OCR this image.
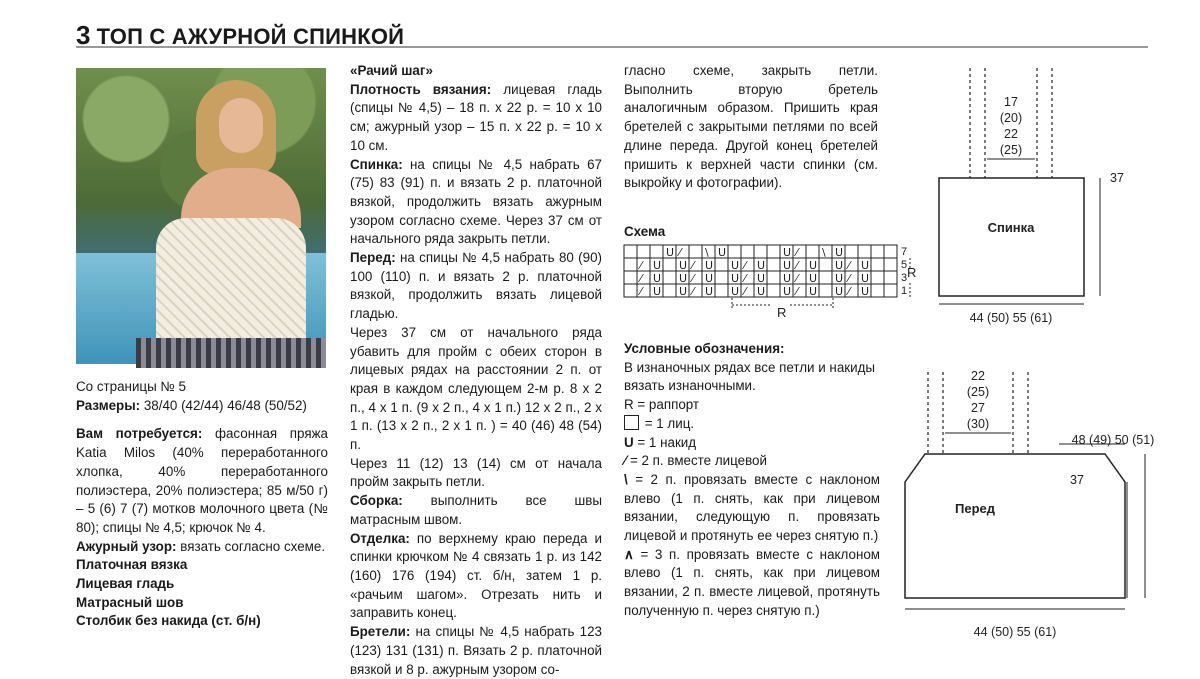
3 ТОП С АЖУРНОЙ СПИНКОЙ

Со страницы № 5

Размеры: 38/40 (42/44) 46/48 (50/52)

Вам потребуется: фасонная пряжа Katia Milos (40% переработанного хлопка, 40% переработанного полиэстера, 20% полиэстера; 85 м/50 г) – 5 (6) 7 (7) мотков молочного цвета (№ 80); спицы № 4,5; крючок № 4.

Ажурный узор: вязать согласно схеме.

Платочная вязка

Лицевая гладь

Матрасный шов

Столбик без накида (ст. б/н)

«Рачий шаг»

Плотность вязания: лицевая гладь (спицы № 4,5) – 18 п. х 22 р. = 10 х 10 см; ажурный узор – 15 п. х 22 р. = 10 х 10 см.

Спинка: на спицы № 4,5 набрать 67 (75) 83 (91) п. и вязать 2 р. платочной вязкой, продолжить вязать ажурным узором согласно схеме. Через 37 см от начального ряда закрыть петли.

Перед: на спицы № 4,5 набрать 80 (90) 100 (110) п. и вязать 2 р. платочной вязкой, продолжить вязать лицевой гладью.

Через 37 см от начального ряда убавить для пройм с обеих сторон в лицевых рядах на расстоянии 2 п. от края в каждом следующем 2-м р. 8 х 2 п., 4 х 1 п. (9 х 2 п., 4 х 1 п.) 12 х 2 п., 2 х 1 п. (13 х 2 п., 2 х 1 п. ) = 40 (46) 48 (54) п.

Через 11 (12) 13 (14) см от начала пройм закрыть петли.

Сборка: выполнить все швы матрасным швом.

Отделка: по верхнему краю переда и спинки крючком № 4 связать 1 р. из 142 (160) 176 (194) ст. б/н, затем 1 р. «рачьим шагом». Отрезать нить и заправить конец.

Бретели: на спицы № 4,5 набрать 123 (123) 131 (131) п. Вязать 2 р. платочной вязкой и 8 р. ажурным узором со-

гласно схеме, закрыть петли. Выполнить вторую бретель аналогичным образом. Пришить края бретелей с закрытыми петлями по всей длине переда. Другой конец бретелей пришить к верхней части спинки (см. выкройку и фотографии).
Схема
U ⁄ \ U	U ⁄ \ U
⁄ U U ⁄ U U ⁄ U U ⁄ U U ⁄ U
⁄ U U ⁄ U U ⁄ U U ⁄ U U ⁄ U
⁄ U U ⁄ U U ⁄ U U ⁄ U U ⁄ U
7
5
3
1
R
R

Условные обозначения:

В изнаночных рядах все петли и накиды вязать изнаночными.

R = раппорт

= 1 лиц.

U = 1 накид

⁄ = 2 п. вместе лицевой

\ = 2 п. провязать вместе с наклоном влево (1 п. снять, как при лицевом вязании, следующую п. провязать лицевой и протянуть ее через снятую п.)

∧ = 3 п. провязать вместе с наклоном влево (1 п. снять, как при лицевом вязании, 2 п. вместе лицевой, протянуть полученную п. через снятую п.)

17
(20)
22
(25)
Спинка
37
44 (50) 55 (61)
22
(25)
27
(30)
Перед
48 (49) 50 (51)
37
44 (50) 55 (61)
